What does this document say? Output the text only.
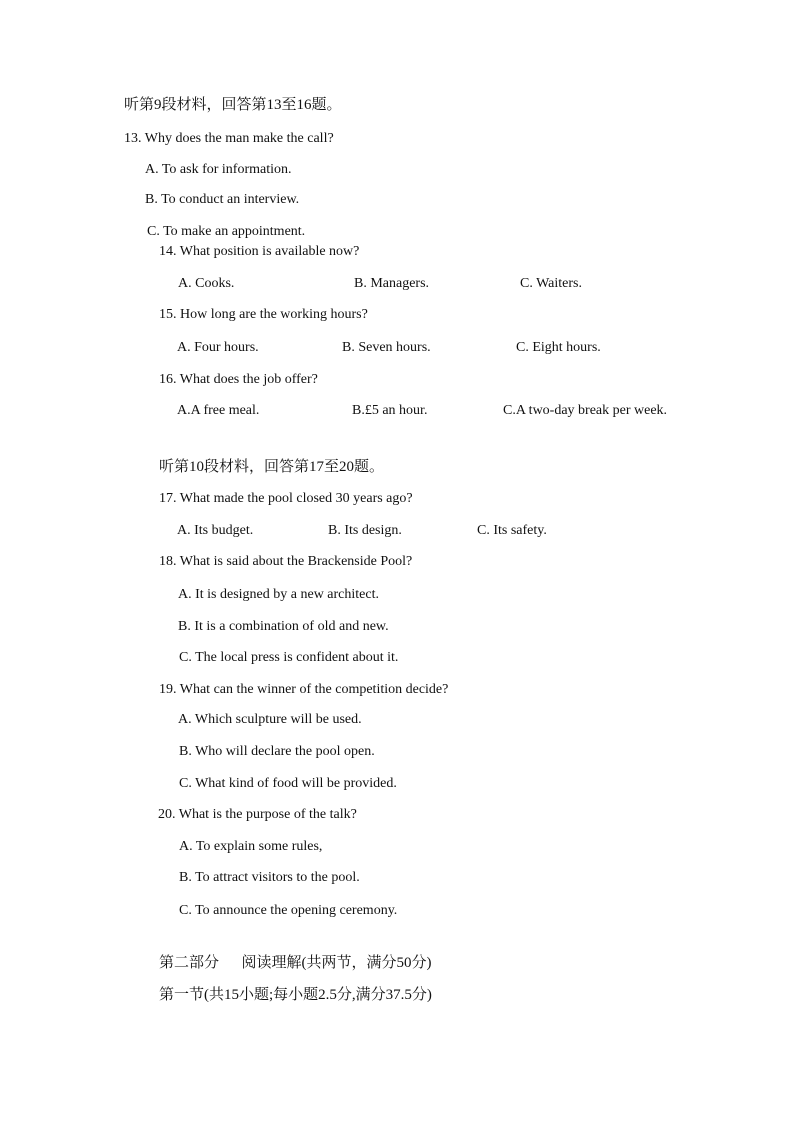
听第9段材料，回答第13至16题。
13. Why does the man make the call?
A. To ask for information.
B. To conduct an interview.
C. To make an appointment.
14. What position is available now?
A. Cooks.	B. Managers.	C. Waiters.
15. How long are the working hours?
A. Four hours.	B. Seven hours.	C. Eight hours.
16. What does the job offer?
A.A free meal.	B.£5 an hour.	C.A two-day break per week.
听第10段材料，回答第17至20题。
17. What made the pool closed 30 years ago?
A. Its budget.	B. Its design.	C. Its safety.
18. What is said about the Brackenside Pool?
A. It is designed by a new architect.
B. It is a combination of old and new.
C. The local press is confident about it.
19. What can the winner of the competition decide?
A. Which sculpture will be used.
B. Who will declare the pool open.
C. What kind of food will be provided.
20. What is the purpose of the talk?
A. To explain some rules,
B. To attract visitors to the pool.
C. To announce the opening ceremony.
第二部分      阅读理解(共两节，满分50分)
第一节(共15小题;每小题2.5分,满分37.5分)
